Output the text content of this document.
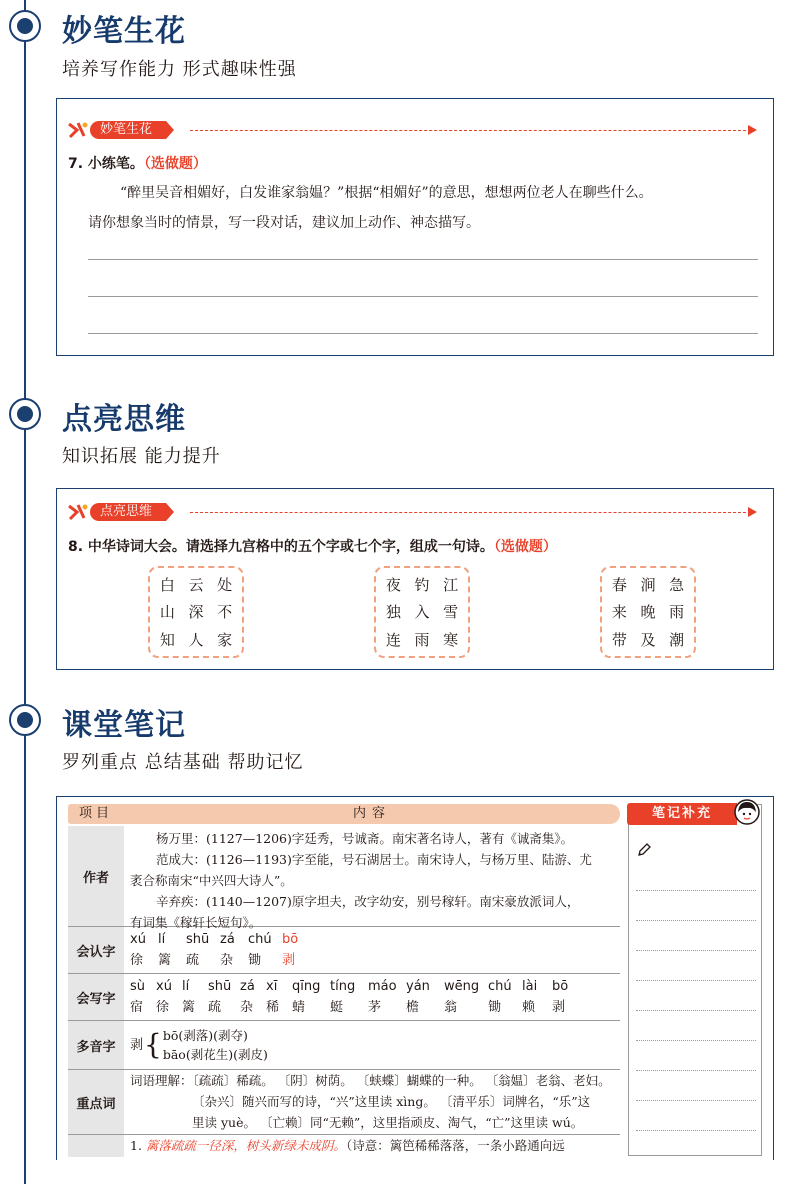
妙笔生花
培养写作能力 形式趣味性强
妙笔生花
7. 小练笔。（选做题）
“醉里吴音相媚好，白发谁家翁媪？”根据“相媚好”的意思，想想两位老人在聊些什么。
请你想象当时的情景，写一段对话，建议加上动作、神态描写。
点亮思维
知识拓展 能力提升
点亮思维
8. 中华诗词大会。请选择九宫格中的五个字或七个字，组成一句诗。（选做题）
白 云 处
山 深 不
知 人 家
夜 钓 江
独 入 雪
连 雨 寒
春 涧 急
来 晚 雨
带 及 潮
课堂笔记
罗列重点 总结基础 帮助记忆
项目	内容
作者
杨万里：(1127—1206)字廷秀，号诚斋。南宋著名诗人，著有《诚斋集》。
范成大：(1126—1193)字至能，号石湖居士。南宋诗人，与杨万里、陆游、尤
袤合称南宋“中兴四大诗人”。
辛弃疾：(1140—1207)原字坦夫，改字幼安，别号稼轩。南宋豪放派词人，
有词集《稼轩长短句》。
会认字
xú lí	shū zá	chú bō
徐	篱	疏	杂	锄	剥
会写字
sù xú lí	shū zá xī	qīng tíng máo yán	wēng chú lài	bō
宿 徐 篱 疏	杂 稀 蜻	蜓	茅	檐	翁	锄	赖	剥
多音字	剥 { bō(剥落)(剥夺)
bāo(剥花生)(剥皮)
重点词
词语理解：〔疏疏〕稀疏。 〔阴〕树荫。 〔蛱蝶〕蝴蝶的一种。 〔翁媪〕老翁、老妇。
〔杂兴〕随兴而写的诗，“兴”这里读 xìng。 〔清平乐〕词牌名，“乐”这
里读 yuè。 〔亡赖〕同“无赖”，这里指顽皮、淘气，“亡”这里读 wú。
1. 篱落疏疏一径深，树头新绿未成阴。（诗意：篱笆稀稀落落，一条小路通向远
笔记补充
